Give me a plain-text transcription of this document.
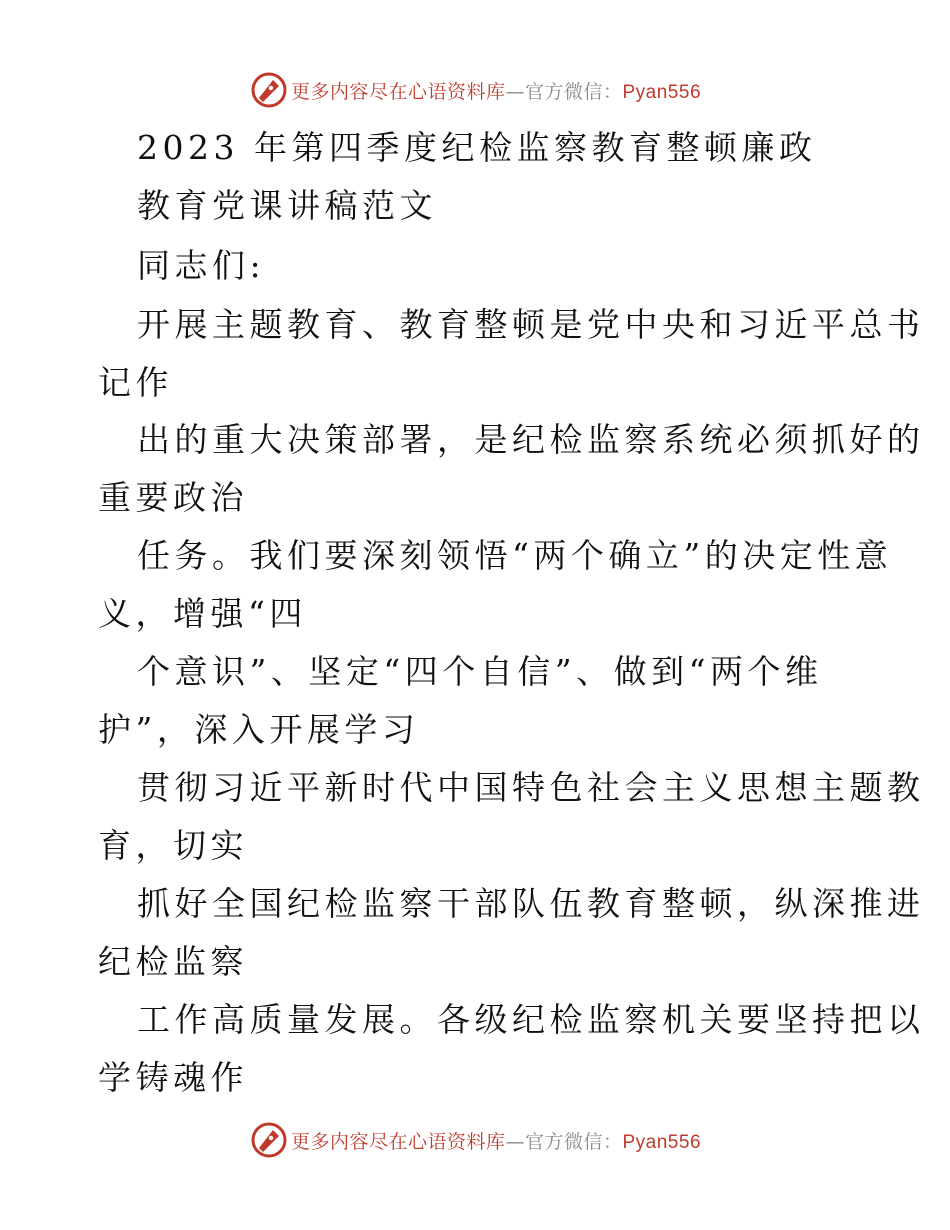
更多内容尽在心语资料库—官方微信：Pyan556
2023 年第四季度纪检监察教育整顿廉政
教育党课讲稿范文
同志们:
开展主题教育、教育整顿是党中央和习近平总书
记作
出的重大决策部署，是纪检监察系统必须抓好的
重要政治
任务。我们要深刻领悟“两个确立”的决定性意
义，增强“四
个意识”、坚定“四个自信”、做到“两个维
护”，深入开展学习
贯彻习近平新时代中国特色社会主义思想主题教
育，切实
抓好全国纪检监察干部队伍教育整顿，纵深推进
纪检监察
工作高质量发展。各级纪检监察机关要坚持把以
学铸魂作
更多内容尽在心语资料库—官方微信：Pyan556
